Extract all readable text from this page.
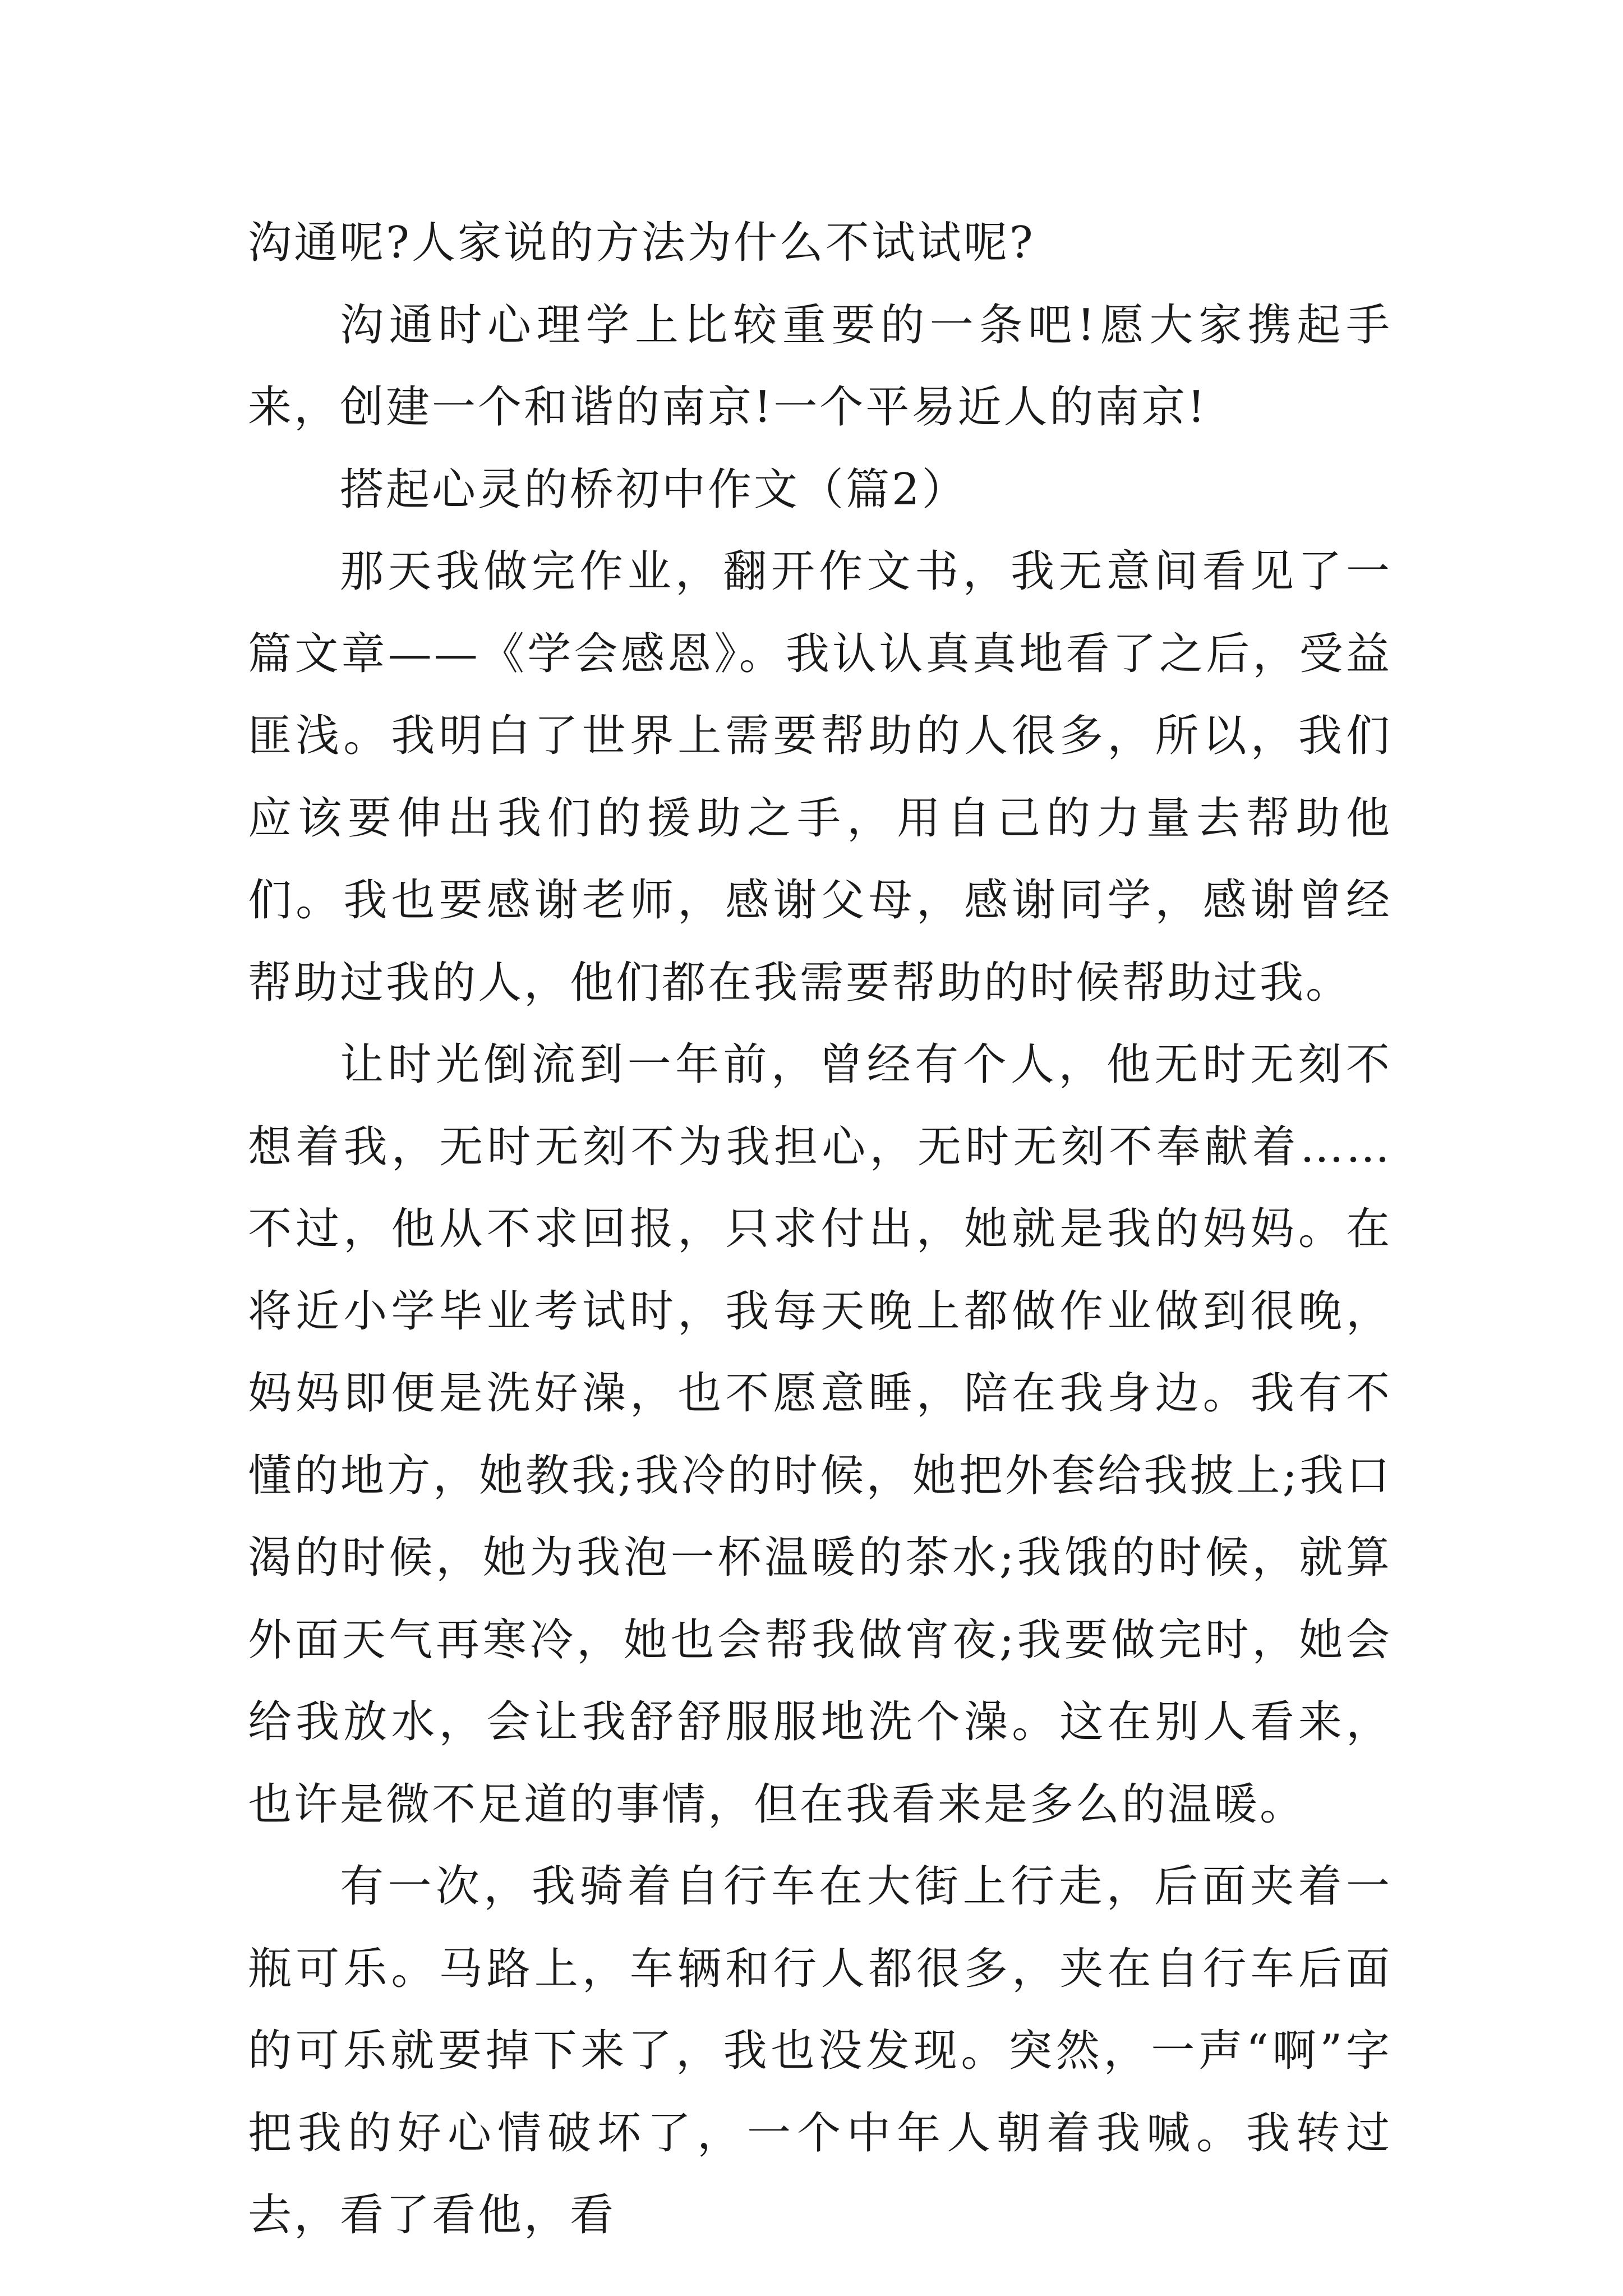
沟通呢?人家说的方法为什么不试试呢?

沟通时心理学上比较重要的一条吧!愿大家携起手来，创建一个和谐的南京!一个平易近人的南京!

搭起心灵的桥初中作文（篇2）

那天我做完作业，翻开作文书，我无意间看见了一篇文章——《学会感恩》。我认认真真地看了之后，受益匪浅。我明白了世界上需要帮助的人很多，所以，我们应该要伸出我们的援助之手，用自己的力量去帮助他们。我也要感谢老师，感谢父母，感谢同学，感谢曾经帮助过我的人，他们都在我需要帮助的时候帮助过我。

让时光倒流到一年前，曾经有个人，他无时无刻不想着我，无时无刻不为我担心，无时无刻不奉献着……不过，他从不求回报，只求付出，她就是我的妈妈。在将近小学毕业考试时，我每天晚上都做作业做到很晚，妈妈即便是洗好澡，也不愿意睡，陪在我身边。我有不懂的地方，她教我;我冷的时候，她把外套给我披上;我口渴的时候，她为我泡一杯温暖的茶水;我饿的时候，就算外面天气再寒冷，她也会帮我做宵夜;我要做完时，她会给我放水，会让我舒舒服服地洗个澡。这在别人看来，也许是微不足道的事情，但在我看来是多么的温暖。

有一次，我骑着自行车在大街上行走，后面夹着一瓶可乐。马路上，车辆和行人都很多，夹在自行车后面的可乐就要掉下来了，我也没发现。突然，一声“啊”字把我的好心情破坏了，一个中年人朝着我喊。我转过去，看了看他，看
